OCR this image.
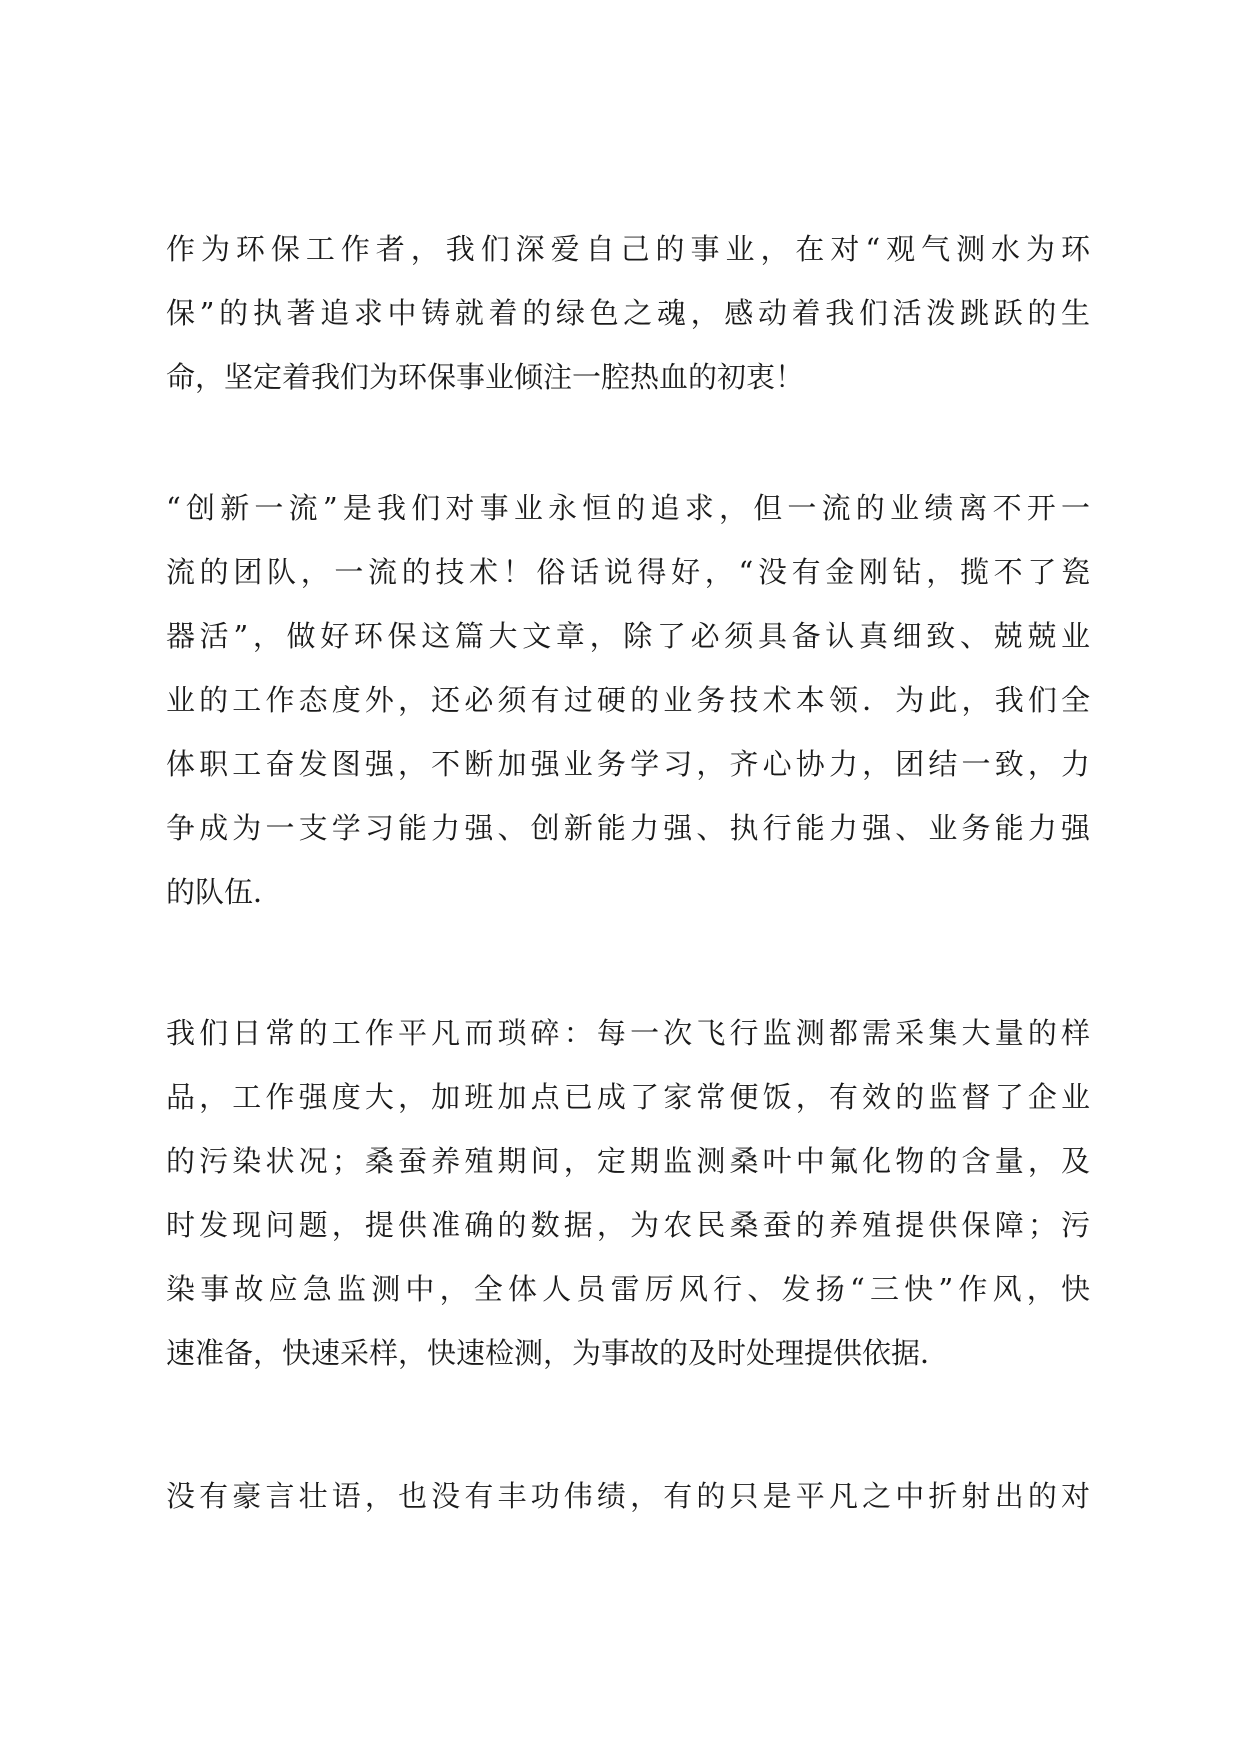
作为环保工作者，我们深爱自己的事业，在对“观气测水为环
保”的执著追求中铸就着的绿色之魂，感动着我们活泼跳跃的生
命，坚定着我们为环保事业倾注一腔热血的初衷！
“创新一流”是我们对事业永恒的追求，但一流的业绩离不开一
流的团队，一流的技术！俗话说得好，“没有金刚钻，揽不了瓷
器活”，做好环保这篇大文章，除了必须具备认真细致、兢兢业
业的工作态度外，还必须有过硬的业务技术本领．为此，我们全
体职工奋发图强，不断加强业务学习，齐心协力，团结一致，力
争成为一支学习能力强、创新能力强、执行能力强、业务能力强
的队伍．
我们日常的工作平凡而琐碎：每一次飞行监测都需采集大量的样
品，工作强度大，加班加点已成了家常便饭，有效的监督了企业
的污染状况；桑蚕养殖期间，定期监测桑叶中氟化物的含量，及
时发现问题，提供准确的数据，为农民桑蚕的养殖提供保障；污
染事故应急监测中，全体人员雷厉风行、发扬“三快”作风，快
速准备，快速采样，快速检测，为事故的及时处理提供依据．
没有豪言壮语，也没有丰功伟绩，有的只是平凡之中折射出的对
